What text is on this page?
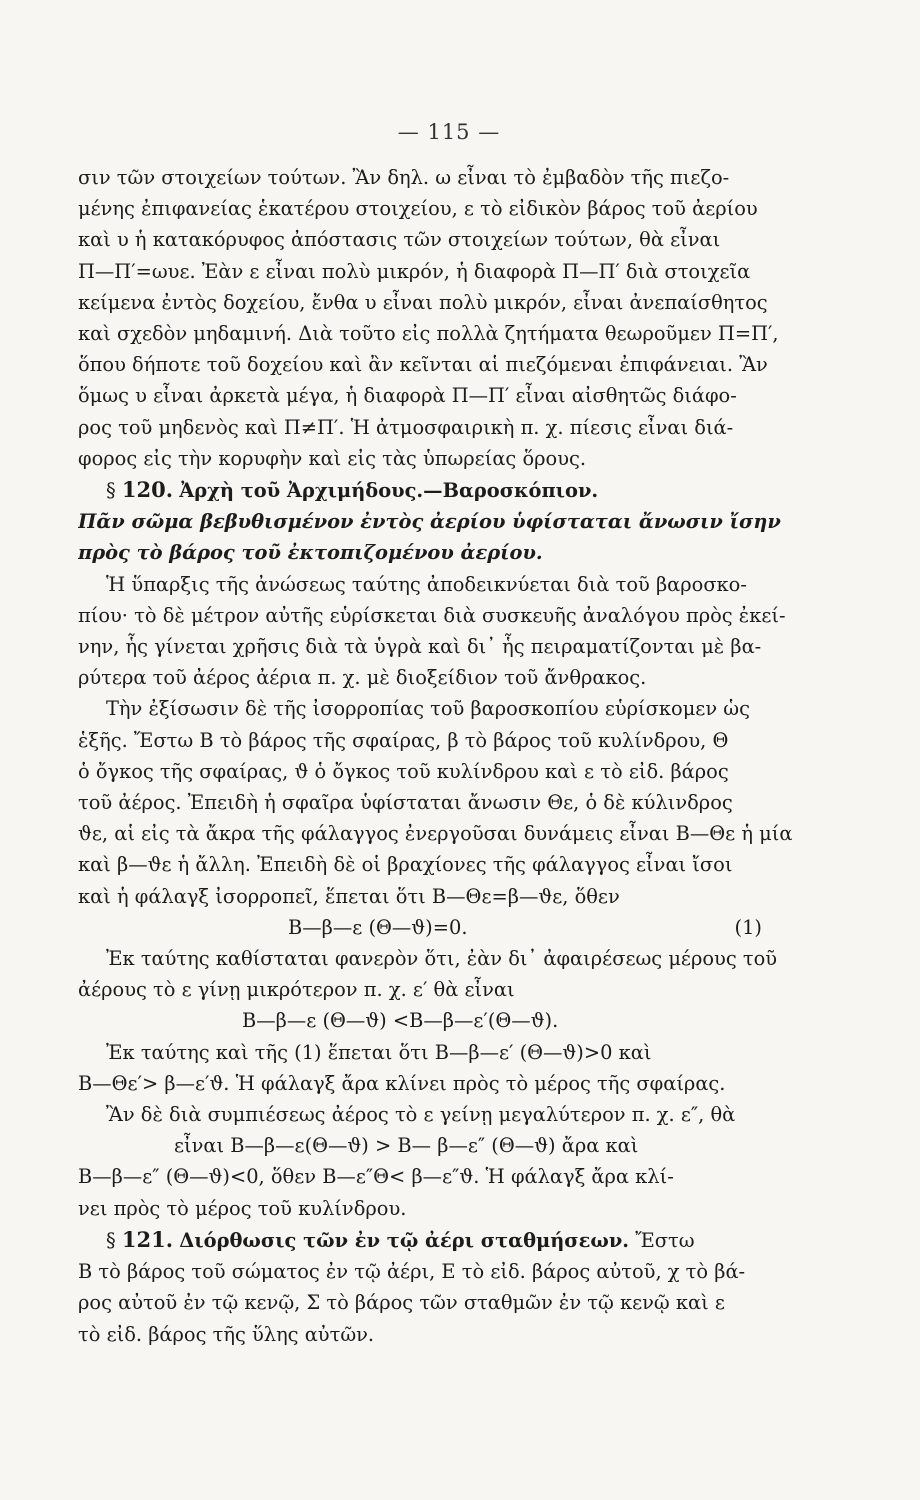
— 115 —
σιν τῶν στοιχείων τούτων. Ἂν δηλ. ω εἶναι τὸ ἐμβαδὸν τῆς πιεζο-
μένης ἐπιφανείας ἑκατέρου στοιχείου, ε τὸ εἰδικὸν βάρος τοῦ ἀερίου
καὶ υ ἡ κατακόρυφος ἀπόστασις τῶν στοιχείων τούτων, θὰ εἶναι
Π—Π′=ωυε. Ἐὰν ε εἶναι πολὺ μικρόν, ἡ διαφορὰ Π—Π′ διὰ στοιχεῖα
κείμενα ἐντὸς δοχείου, ἔνθα υ εἶναι πολὺ μικρόν, εἶναι ἀνεπαίσθητος
καὶ σχεδὸν μηδαμινή. Διὰ τοῦτο εἰς πολλὰ ζητήματα θεωροῦμεν Π=Π′,
ὅπου δήποτε τοῦ δοχείου καὶ ἂν κεῖνται αἱ πιεζόμεναι ἐπιφάνειαι. Ἂν
ὅμως υ εἶναι ἀρκετὰ μέγα, ἡ διαφορὰ Π—Π′ εἶναι αἰσθητῶς διάφο-
ρος τοῦ μηδενὸς καὶ Π≠Π′. Ἡ ἀτμοσφαιρικὴ π. χ. πίεσις εἶναι διά-
φορος εἰς τὴν κορυφὴν καὶ εἰς τὰς ὑπωρείας ὅρους.
§ 120. Ἀρχὴ τοῦ Ἀρχιμήδους.—Βαροσκόπιον.
Πᾶν σῶμα βεβυθισμένον ἐντὸς ἀερίου ὑφίσταται ἄνωσιν ἴσην
πρὸς τὸ βάρος τοῦ ἐκτοπιζομένου ἀερίου.
Ἡ ὕπαρξις τῆς ἀνώσεως ταύτης ἀποδεικνύεται διὰ τοῦ βαροσκο-
πίου· τὸ δὲ μέτρον αὐτῆς εὑρίσκεται διὰ συσκευῆς ἀναλόγου πρὸς ἐκεί-
νην, ἧς γίνεται χρῆσις διὰ τὰ ὑγρὰ καὶ δι᾽ ἧς πειραματίζονται μὲ βα-
ρύτερα τοῦ ἀέρος ἀέρια π. χ. μὲ διοξείδιον τοῦ ἄνθρακος.
Τὴν ἐξίσωσιν δὲ τῆς ἰσορροπίας τοῦ βαροσκοπίου εὑρίσκομεν ὡς
ἑξῆς. Ἔστω Β τὸ βάρος τῆς σφαίρας, β τὸ βάρος τοῦ κυλίνδρου, Θ
ὁ ὄγκος τῆς σφαίρας, ϑ ὁ ὄγκος τοῦ κυλίνδρου καὶ ε τὸ εἰδ. βάρος
τοῦ ἀέρος. Ἐπειδὴ ἡ σφαῖρα ὑφίσταται ἄνωσιν Θε, ὁ δὲ κύλινδρος
ϑε, αἱ εἰς τὰ ἄκρα τῆς φάλαγγος ἐνεργοῦσαι δυνάμεις εἶναι Β—Θε ἡ μία
καὶ β—ϑε ἡ ἄλλη. Ἐπειδὴ δὲ οἱ βραχίονες τῆς φάλαγγος εἶναι ἴσοι
καὶ ἡ φάλαγξ ἰσορροπεῖ, ἕπεται ὅτι Β—Θε=β—ϑε, ὅθεν
Β—β—ε (Θ—ϑ)=0.	(1)
Ἐκ ταύτης καθίσταται φανερὸν ὅτι, ἐὰν δι᾽ ἀφαιρέσεως μέρους τοῦ
ἀέρους τὸ ε γίνῃ μικρότερον π. χ. ε′ θὰ εἶναι
Β—β—ε (Θ—ϑ) <Β—β—ε′(Θ—ϑ).
Ἐκ ταύτης καὶ τῆς (1) ἕπεται ὅτι Β—β—ε′ (Θ—ϑ)>0 καὶ
Β—Θε′> β—ε′ϑ. Ἡ φάλαγξ ἄρα κλίνει πρὸς τὸ μέρος τῆς σφαίρας.
Ἂν δὲ διὰ συμπιέσεως ἀέρος τὸ ε γείνῃ μεγαλύτερον π. χ. ε″, θὰ
εἶναι Β—β—ε(Θ—ϑ) > Β— β—ε″ (Θ—ϑ) ἄρα καὶ
Β—β—ε″ (Θ—ϑ)<0, ὅθεν Β—ε″Θ< β—ε″ϑ. Ἡ φάλαγξ ἄρα κλί-
νει πρὸς τὸ μέρος τοῦ κυλίνδρου.
§ 121. Διόρθωσις τῶν ἐν τῷ ἀέρι σταθμήσεων. Ἔστω
Β τὸ βάρος τοῦ σώματος ἐν τῷ ἀέρι, Ε τὸ εἰδ. βάρος αὐτοῦ, χ τὸ βά-
ρος αὐτοῦ ἐν τῷ κενῷ, Σ τὸ βάρος τῶν σταθμῶν ἐν τῷ κενῷ καὶ ε
τὸ εἰδ. βάρος τῆς ὕλης αὐτῶν.
